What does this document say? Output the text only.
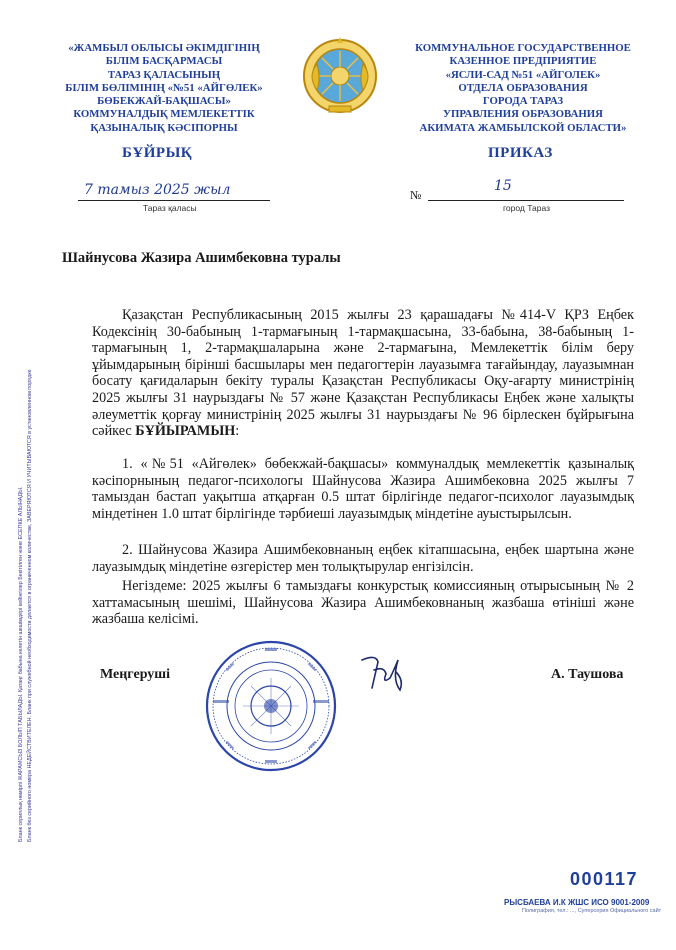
«ЖАМБЫЛ ОБЛЫСЫ ӘКІМДІГІНІҢ
БІЛІМ БАСҚАРМАСЫ
ТАРАЗ ҚАЛАСЫНЫҢ
БІЛІМ БӨЛІМІНІҢ «№51 «АЙГӨЛЕК»
БӨБЕКЖАЙ-БАҚШАСЫ»
КОММУНАЛДЫҚ МЕМЛЕКЕТТІК
ҚАЗЫНАЛЫҚ КӘСІПОРНЫ
КОММУНАЛЬНОЕ ГОСУДАРСТВЕННОЕ
КАЗЕННОЕ ПРЕДПРИЯТИЕ
«ЯСЛИ-САД №51 «АЙГОЛЕК»
ОТДЕЛА ОБРАЗОВАНИЯ
ГОРОДА ТАРАЗ
УПРАВЛЕНИЯ ОБРАЗОВАНИЯ
АКИМАТА ЖАМБЫЛСКОЙ ОБЛАСТИ»
БҰЙРЫҚ	ПРИКАЗ
7 тамыз 2025 жыл
Тараз қаласы
№
15
город Тараз
Шайнусова Жазира Ашимбековна туралы

Қазақстан Республикасының 2015 жылғы 23 қарашадағы №414-V ҚРЗ Еңбек Кодексінің 30-бабының 1-тармағының 1-тармақшасына, 33-бабына, 38-бабының 1-тармағының 1, 2-тармақшаларына және 2-тармағына, Мемлекеттік білім беру ұйымдарының бірінші басшылары мен педагогтерін лауазымға тағайындау, лауазымнан босату қағидаларын бекіту туралы Қазақстан Республикасы Оқу-ағарту министрінің 2025 жылғы 31 наурыздағы № 57 және Қазақстан Республикасы Еңбек және халықты әлеуметтік қорғау министрінің 2025 жылғы 31 наурыздағы № 96 бірлескен бұйрығына сәйкес БҰЙЫРАМЫН:

1. «№51 «Айгөлек» бөбекжай-бақшасы» коммуналдық мемлекеттік қазыналық кәсіпорнының педагог-психологы Шайнусова Жазира Ашимбековна 2025 жылғы 7 тамыздан бастап уақытша атқарған 0.5 штат бірлігінде педагог-психолог лауазымдық міндетінен 1.0 штат бірлігінде тәрбиеші лауазымдық міндетіне ауыстырылсын.

2. Шайнусова Жазира Ашимбековнаның еңбек кітапшасына, еңбек шартына және лауазымдық міндетіне өзгерістер мен толықтырулар енгізілсін.

Негіздеме: 2025 жылғы 6 тамыздағы конкурстық комиссияның отырысының № 2 хаттамасының шешімі, Шайнусова Жазира Ашимбековнаның жазбаша өтініші және жазбаша келісімі.

Меңгеруші	А. Таушова
Бланк сериялық нөмірлі ЖАРАМСЫЗ БОЛЫП ТАБЫЛАДЫ. Қатаңг бабына келетін шешімдері кейінгілер Бекітілген және ЕСЕПКЕ АЛЫНАДЫ. Бланк без серийного номера НЕДЕЙСТВИТЕЛЕН. Бланк при служебной необходимости делается в ограниченном количестве, ЗАВЕРЯЮТСЯ И УЧИТЫВАЮТСЯ в установленном порядке
000117
РЫСБАЕВА И.К ЖШС ИСО 9001-2009
Полиграфия, тел.: ..., Суперсерия Официального сайт
